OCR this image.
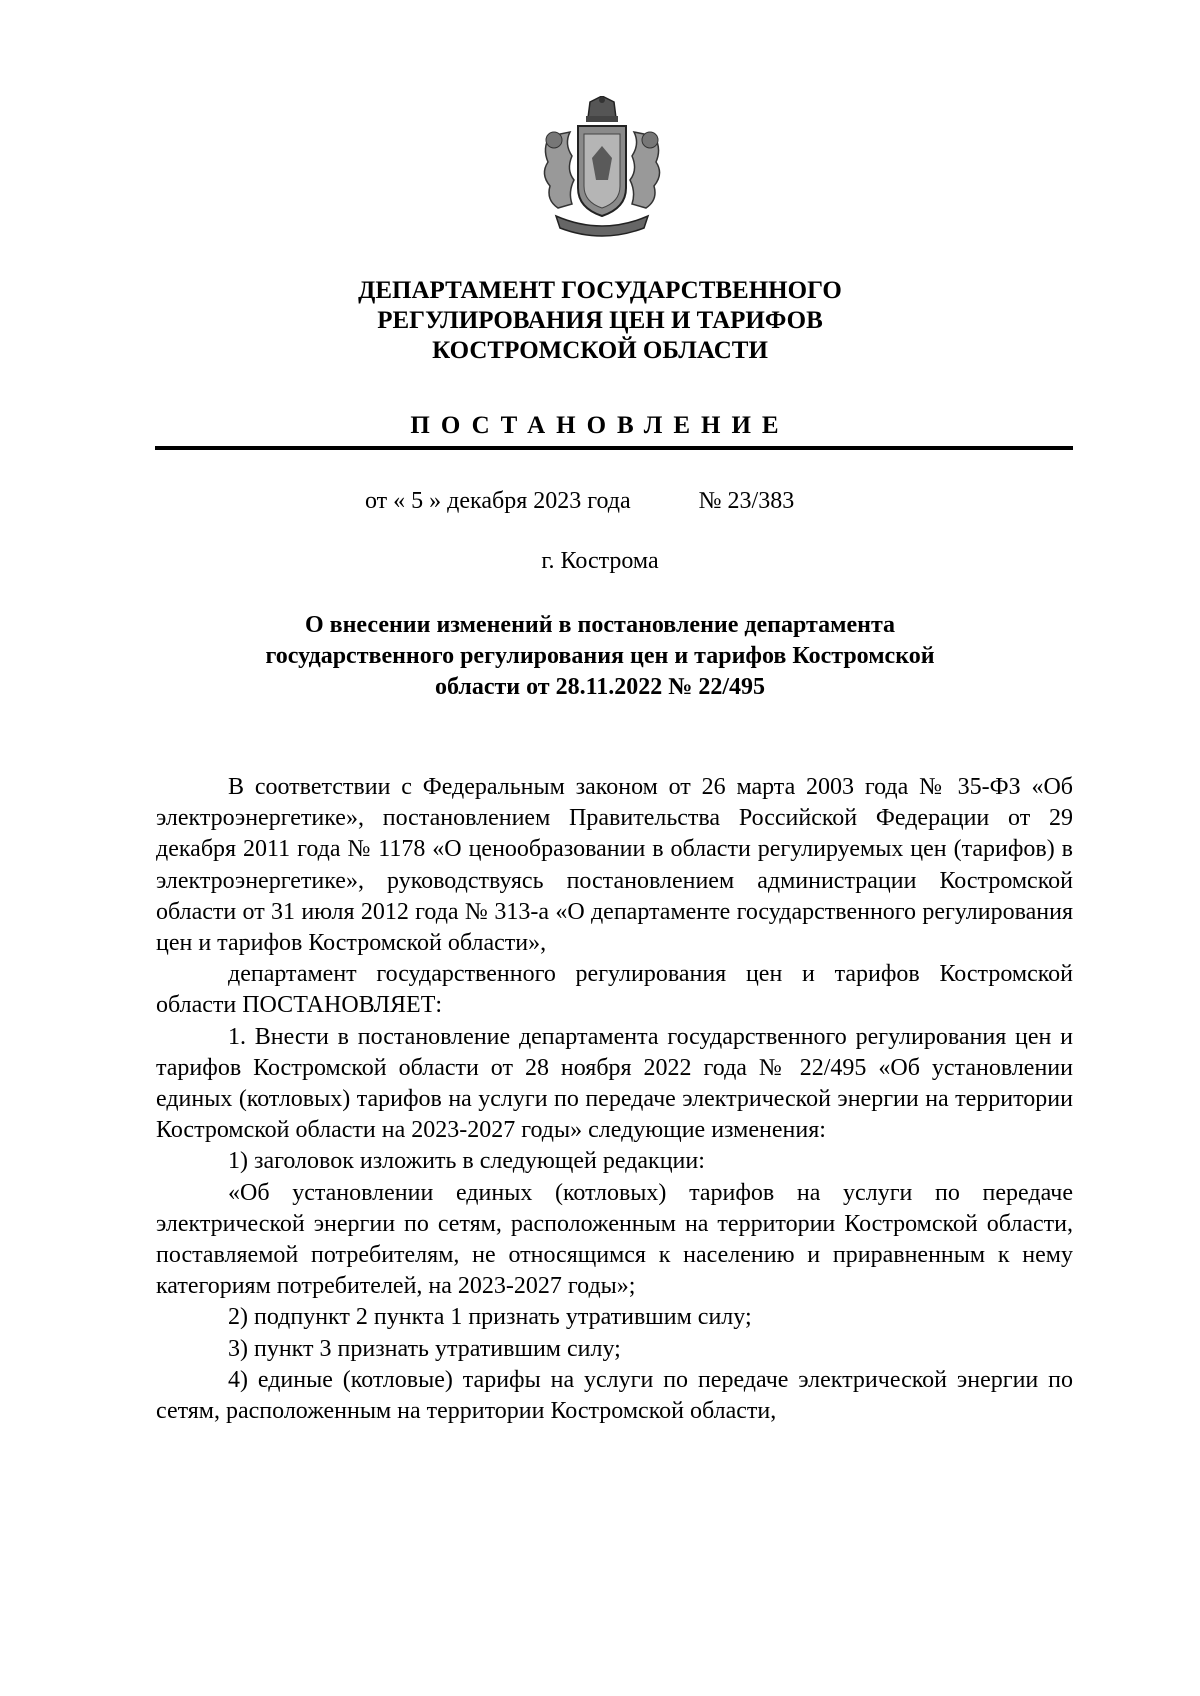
ДЕПАРТАМЕНТ ГОСУДАРСТВЕННОГО
РЕГУЛИРОВАНИЯ ЦЕН И ТАРИФОВ
КОСТРОМСКОЙ ОБЛАСТИ
ПОСТАНОВЛЕНИЕ
от « 5 » декабря 2023 года	№ 23/383
г. Кострома
О внесении изменений в постановление департамента
государственного регулирования цен и тарифов Костромской
области от 28.11.2022 № 22/495

В соответствии с Федеральным законом от 26 марта 2003 года № 35-ФЗ «Об электроэнергетике», постановлением Правительства Российской Федерации от 29 декабря 2011 года № 1178 «О ценообразовании в области регулируемых цен (тарифов) в электроэнергетике», руководствуясь постановлением администрации Костромской области от 31 июля 2012 года № 313-а «О департаменте государственного регулирования цен и тарифов Костромской области»,

департамент государственного регулирования цен и тарифов Костромской области ПОСТАНОВЛЯЕТ:

1. Внести в постановление департамента государственного регулирования цен и тарифов Костромской области от 28 ноября 2022 года № 22/495 «Об установлении единых (котловых) тарифов на услуги по передаче электрической энергии на территории Костромской области на 2023-2027 годы» следующие изменения:

1) заголовок изложить в следующей редакции:

«Об установлении единых (котловых) тарифов на услуги по передаче электрической энергии по сетям, расположенным на территории Костромской области, поставляемой потребителям, не относящимся к населению и приравненным к нему категориям потребителей, на 2023-2027 годы»;

2) подпункт 2 пункта 1 признать утратившим силу;

3) пункт 3 признать утратившим силу;

4) единые (котловые) тарифы на услуги по передаче электрической энергии по сетям, расположенным на территории Костромской области,
